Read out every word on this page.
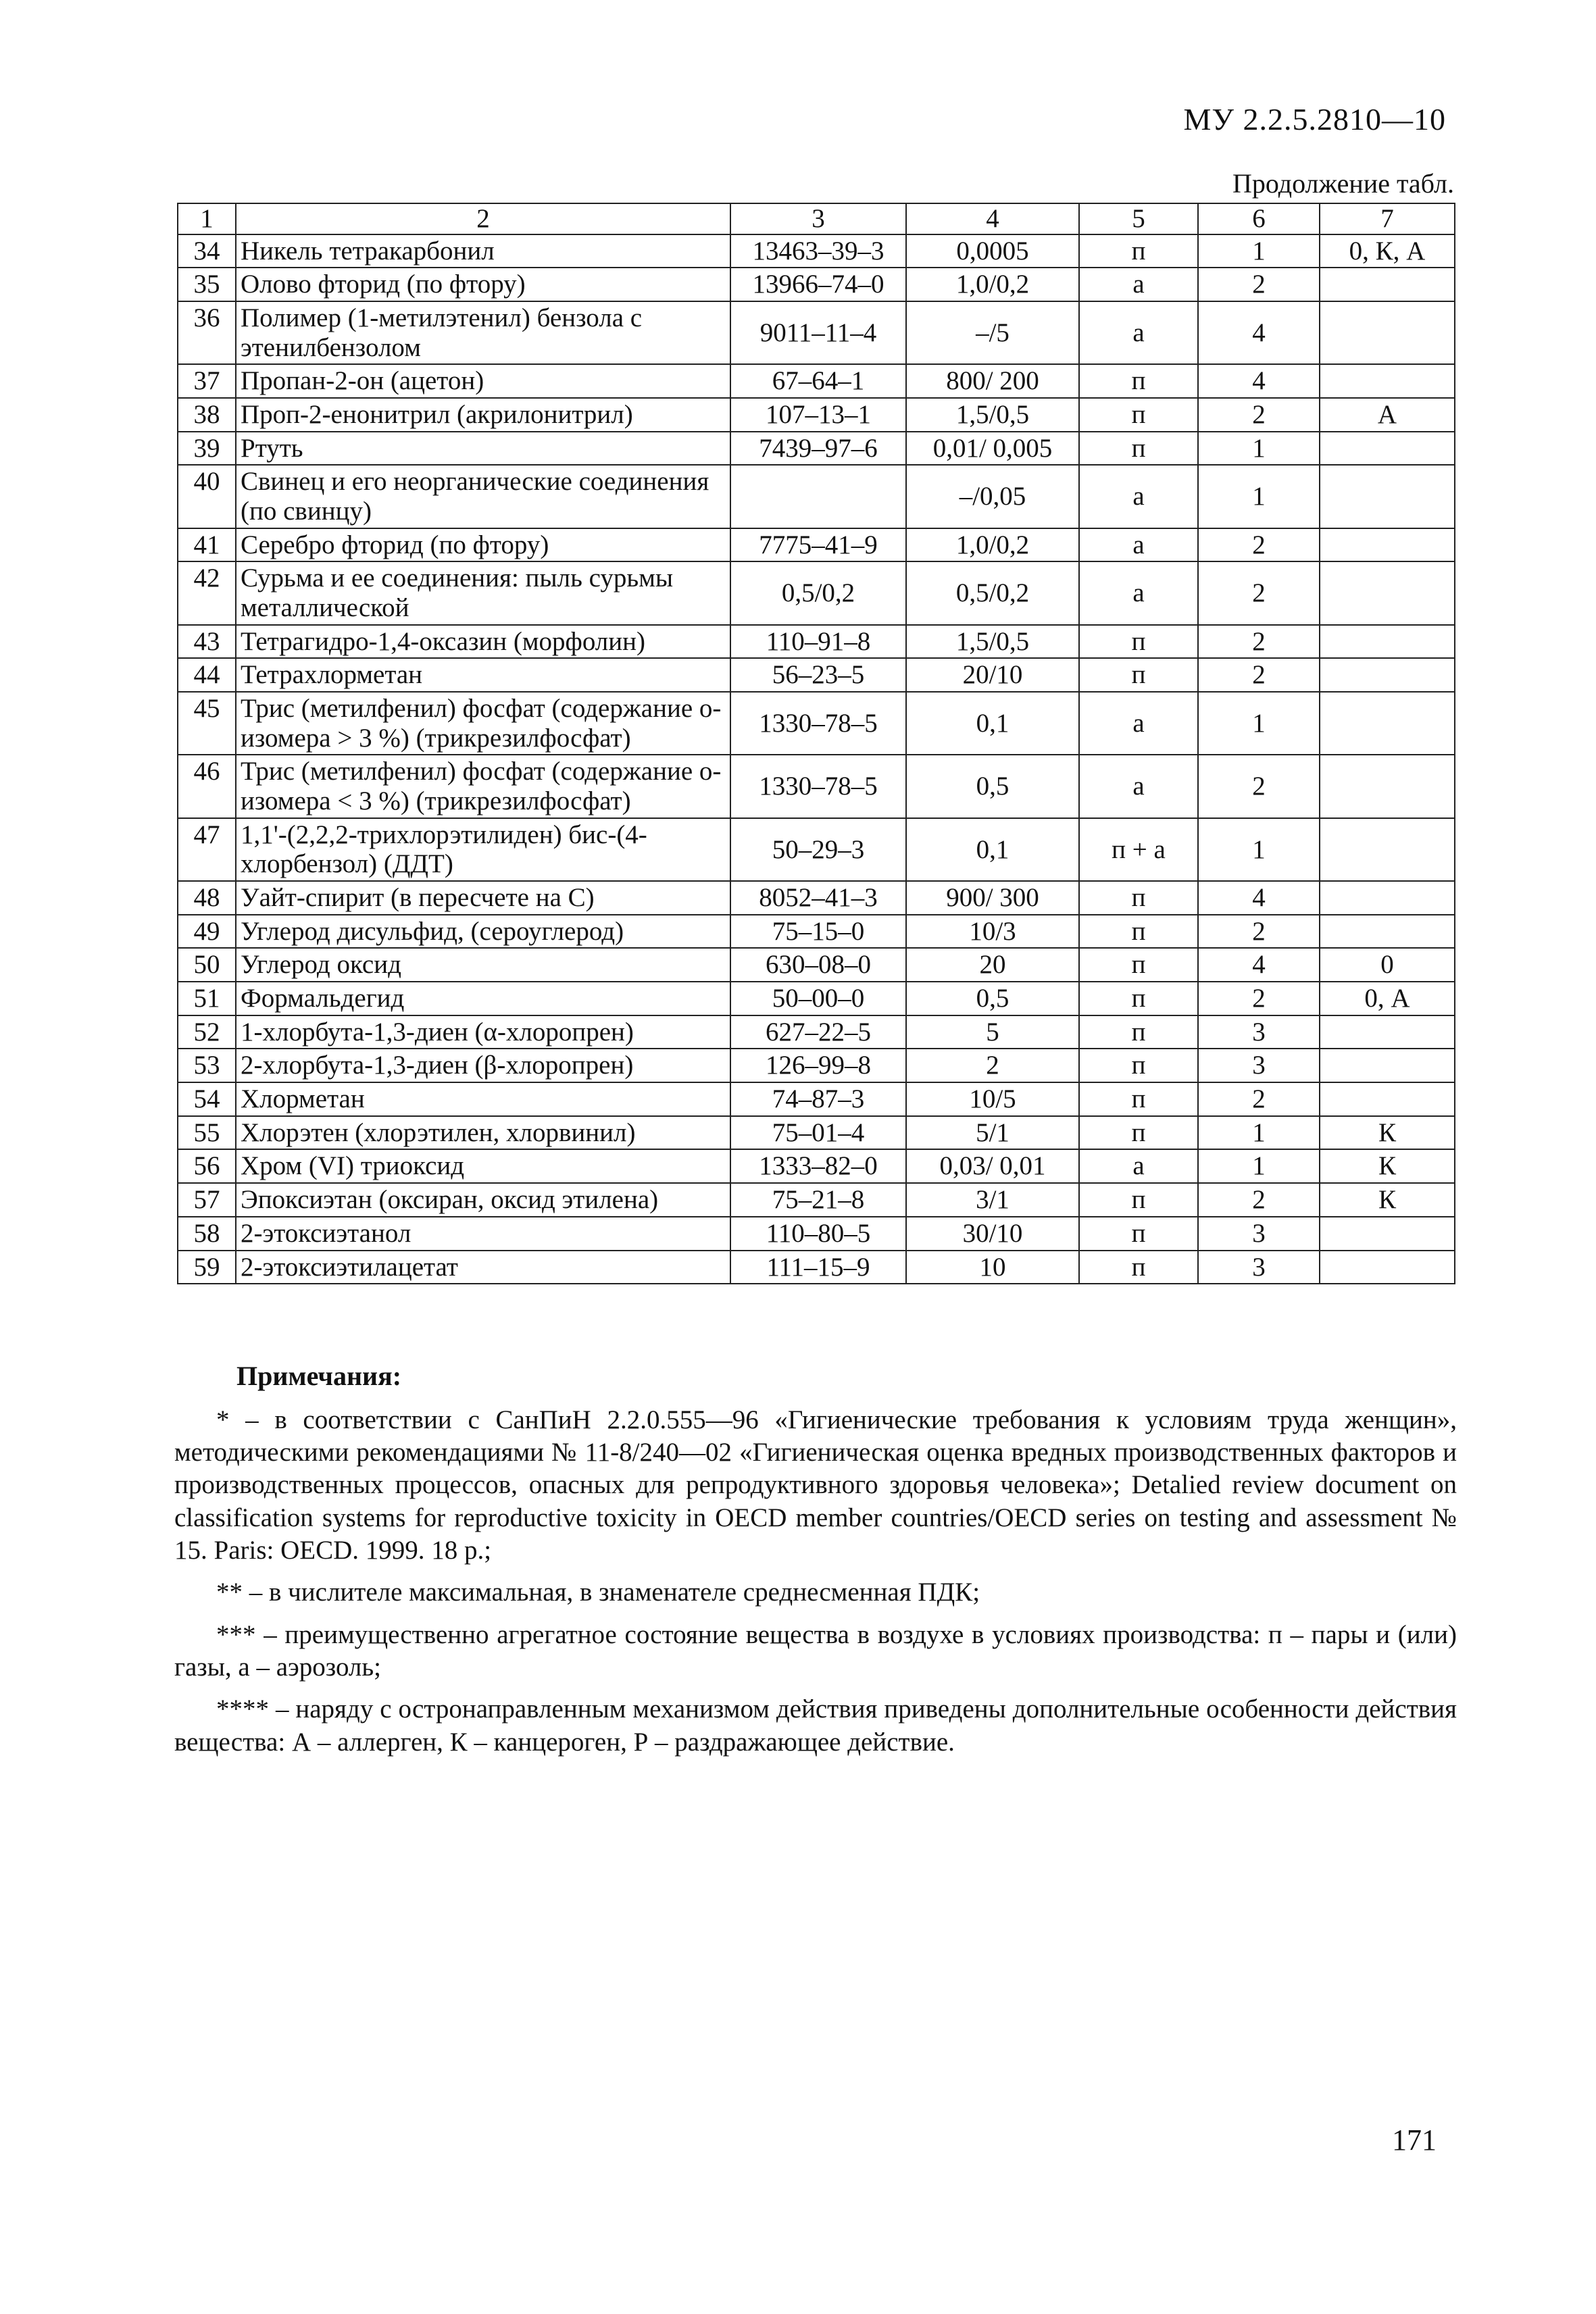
МУ 2.2.5.2810—10
Продолжение табл.
1	2	3	4	5	6	7
34	Никель тетракарбонил	13463–39–3	0,0005	п	1	0, К, А
35	Олово фторид (по фтору)	13966–74–0	1,0/0,2	а	2	
36	Полимер (1-метилэтенил) бензола с этенилбензолом	9011–11–4	–/5	а	4	
37	Пропан-2-он (ацетон)	67–64–1	800/ 200	п	4	
38	Проп-2-енонитрил (акрилонитрил)	107–13–1	1,5/0,5	п	2	А
39	Ртуть	7439–97–6	0,01/ 0,005	п	1	
40	Свинец и его неорганические соединения (по свинцу)		–/0,05	а	1	
41	Серебро фторид (по фтору)	7775–41–9	1,0/0,2	а	2	
42	Сурьма и ее соединения: пыль сурьмы металлической	0,5/0,2	0,5/0,2	а	2	
43	Тетрагидро-1,4-оксазин (морфолин)	110–91–8	1,5/0,5	п	2	
44	Тетрахлорметан	56–23–5	20/10	п	2	
45	Трис (метилфенил) фосфат (содержание о-изомера > 3 %) (трикрезилфосфат)	1330–78–5	0,1	а	1	
46	Трис (метилфенил) фосфат (содержание о-изомера < 3 %) (трикрезилфосфат)	1330–78–5	0,5	а	2	
47	1,1'-(2,2,2-трихлорэтилиден) бис-(4-хлорбензол) (ДДТ)	50–29–3	0,1	п + а	1	
48	Уайт-спирит (в пересчете на С)	8052–41–3	900/ 300	п	4	
49	Углерод дисульфид, (сероуглерод)	75–15–0	10/3	п	2	
50	Углерод оксид	630–08–0	20	п	4	0
51	Формальдегид	50–00–0	0,5	п	2	0, А
52	1-хлорбута-1,3-диен (α-хлоропрен)	627–22–5	5	п	3	
53	2-хлорбута-1,3-диен (β-хлоропрен)	126–99–8	2	п	3	
54	Хлорметан	74–87–3	10/5	п	2	
55	Хлорэтен (хлорэтилен, хлорвинил)	75–01–4	5/1	п	1	К
56	Хром (VI) триоксид	1333–82–0	0,03/ 0,01	а	1	К
57	Эпоксиэтан (оксиран, оксид этилена)	75–21–8	3/1	п	2	К
58	2-этоксиэтанол	110–80–5	30/10	п	3	
59	2-этоксиэтилацетат	111–15–9	10	п	3	
Примечания:

* – в соответствии с СанПиН 2.2.0.555—96 «Гигиенические требования к условиям труда женщин», методическими рекомендациями № 11-8/240—02 «Гигиеническая оценка вредных производственных факторов и производственных процессов, опасных для репродуктивного здоровья человека»; Detalied review document on classification systems for reproductive toxicity in OECD member countries/OECD series on testing and assessment № 15. Paris: OECD. 1999. 18 p.;

** – в числителе максимальная, в знаменателе среднесменная ПДК;

*** – преимущественно агрегатное состояние вещества в воздухе в условиях производства: п – пары и (или) газы, а – аэрозоль;

**** – наряду с остронаправленным механизмом действия приведены дополнительные особенности действия вещества: А – аллерген, К – канцероген, Р – раздражающее действие.

171
